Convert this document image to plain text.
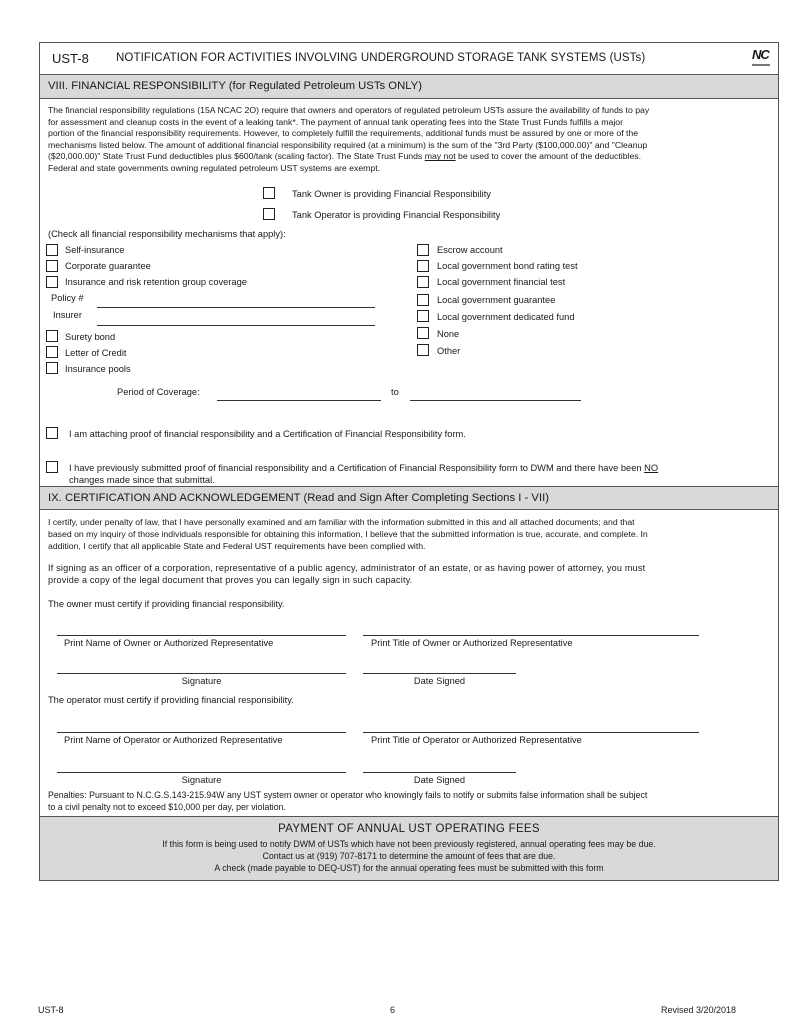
UST-8 NOTIFICATION FOR ACTIVITIES INVOLVING UNDERGROUND STORAGE TANK SYSTEMS (USTs)	NC
VIII. FINANCIAL RESPONSIBILITY (for Regulated Petroleum USTs ONLY)
The financial responsibility regulations (15A NCAC 2O) require that owners and operators of regulated petroleum USTs assure the availability of funds to pay
for assessment and cleanup costs in the event of a leaking tank*. The payment of annual tank operating fees into the State Trust Funds fulfills a major
portion of the financial responsibility requirements. However, to completely fulfill the requirements, additional funds must be assured by one or more of the
mechanisms listed below. The amount of additional financial responsibility required (at a minimum) is the sum of the "3rd Party ($100,000.00)" and "Cleanup
($20,000.00)" State Trust Fund deductibles plus $600/tank (scaling factor). The State Trust Funds may not be used to cover the amount of the deductibles.
Federal and state governments owning regulated petroleum UST systems are exempt.
Tank Owner is providing Financial Responsibility
Tank Operator is providing Financial Responsibility
(Check all financial responsibility mechanisms that apply):
Self-insurance
Corporate guarantee
Insurance and risk retention group coverage
Policy #
Insurer
Surety bond
Letter of Credit
Insurance pools
Escrow account
Local government bond rating test
Local government financial test
Local government guarantee
Local government dedicated fund
None
Other
Period of Coverage:	to
I am attaching proof of financial responsibility and a Certification of Financial Responsibility form.
I have previously submitted proof of financial responsibility and a Certification of Financial Responsibility form to DWM and there have been NO
changes made since that submittal.
IX. CERTIFICATION AND ACKNOWLEDGEMENT (Read and Sign After Completing Sections I - VII)
I certify, under penalty of law, that I have personally examined and am familiar with the information submitted in this and all attached documents; and that
based on my inquiry of those individuals responsible for obtaining this information, I believe that the submitted information is true, accurate, and complete. In
addition, I certify that all applicable State and Federal UST requirements have been complied with.
If signing as an officer of a corporation, representative of a public agency, administrator of an estate, or as having power of attorney, you must
provide a copy of the legal document that proves you can legally sign in such capacity.
The owner must certify if providing financial responsibility.
Print Name of Owner or Authorized Representative	Print Title of Owner or Authorized Representative
Signature	Date Signed
The operator must certify if providing financial responsibility.
Print Name of Operator or Authorized Representative	Print Title of Operator or Authorized Representative
Signature	Date Signed
Penalties: Pursuant to N.C.G.S.143-215.94W any UST system owner or operator who knowingly fails to notify or submits false information shall be subject
to a civil penalty not to exceed $10,000 per day, per violation.
PAYMENT OF ANNUAL UST OPERATING FEES
If this form is being used to notify DWM of USTs which have not been previously registered, annual operating fees may be due.
Contact us at (919) 707-8171 to determine the amount of fees that are due.
A check (made payable to DEQ-UST) for the annual operating fees must be submitted with this form
UST-8	6	Revised 3/20/2018
